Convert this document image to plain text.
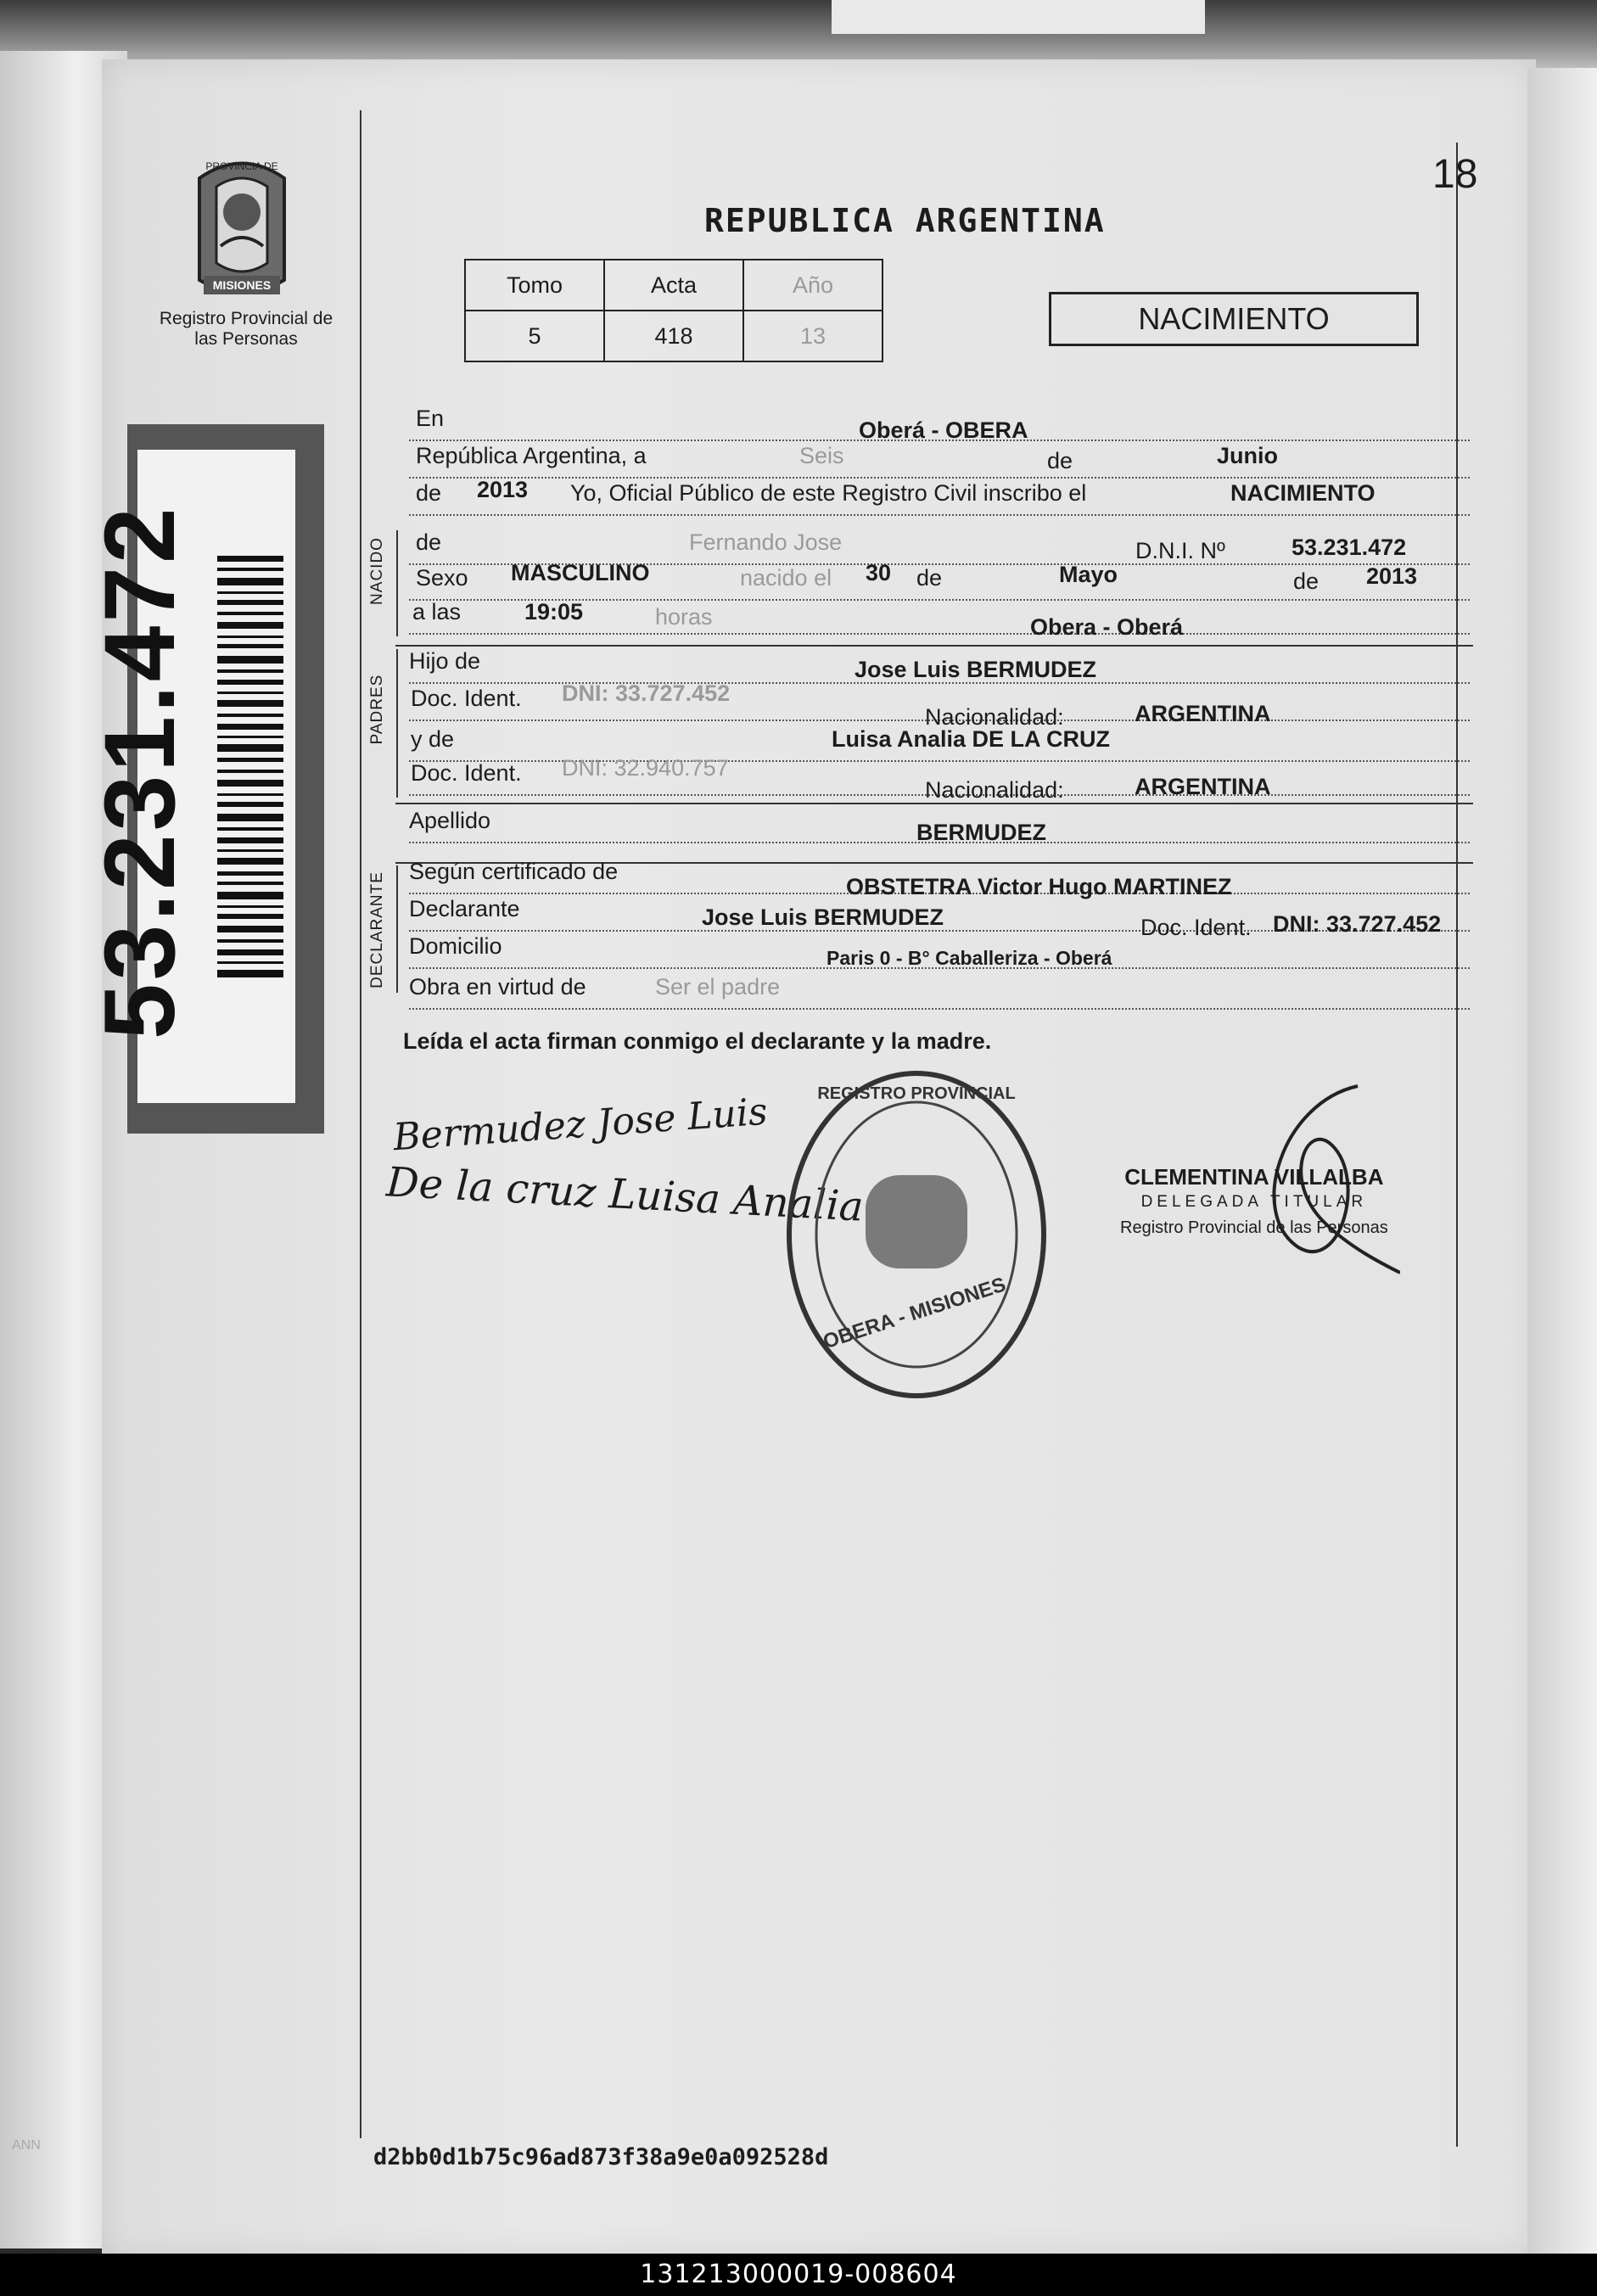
18
REPUBLICA ARGENTINA
MISIONES
PROVINCIA DE
Registro Provincial de las Personas
Tomo	Acta	Año
5	418	13	NACIMIENTO
53.231.472	NACIDO
PADRES
DECLARANTE
En	Oberá - OBERA
República Argentina, a	Seis	de	Junio
de 2013 Yo, Oficial Público de este Registro Civil inscribo el	NACIMIENTO
de	Fernando Jose	D.N.I. Nº	53.231.472
Sexo MASCULINO	nacido el 30 de	Mayo	de 2013
a las	19:05	horas	Obera - Oberá
Hijo de	Jose Luis BERMUDEZ
Doc. Ident. DNI: 33.727.452
Nacionalidad:	ARGENTINA
y de	Luisa Analia DE LA CRUZ
Doc. Ident. DNI: 32.940.757
Nacionalidad:	ARGENTINA
Apellido	BERMUDEZ
Según certificado de
OBSTETRA Victor Hugo MARTINEZ
Declarante	Jose Luis BERMUDEZ	Doc. Ident. DNI: 33.727.452
Domicilio	Paris 0 - B° Caballeriza - Oberá
Obra en virtud de	Ser el padre
Leída el acta firman conmigo el declarante y la madre.
Bermudez Jose Luis
De la cruz Luisa Analia
OBERA - MISIONES
REGISTRO PROVINCIAL
CLEMENTINA VILLALBA
DELEGADA TITULAR
Registro Provincial de las Personas
d2bb0d1b75c96ad873f38a9e0a092528d
ANN
131213000019-008604
